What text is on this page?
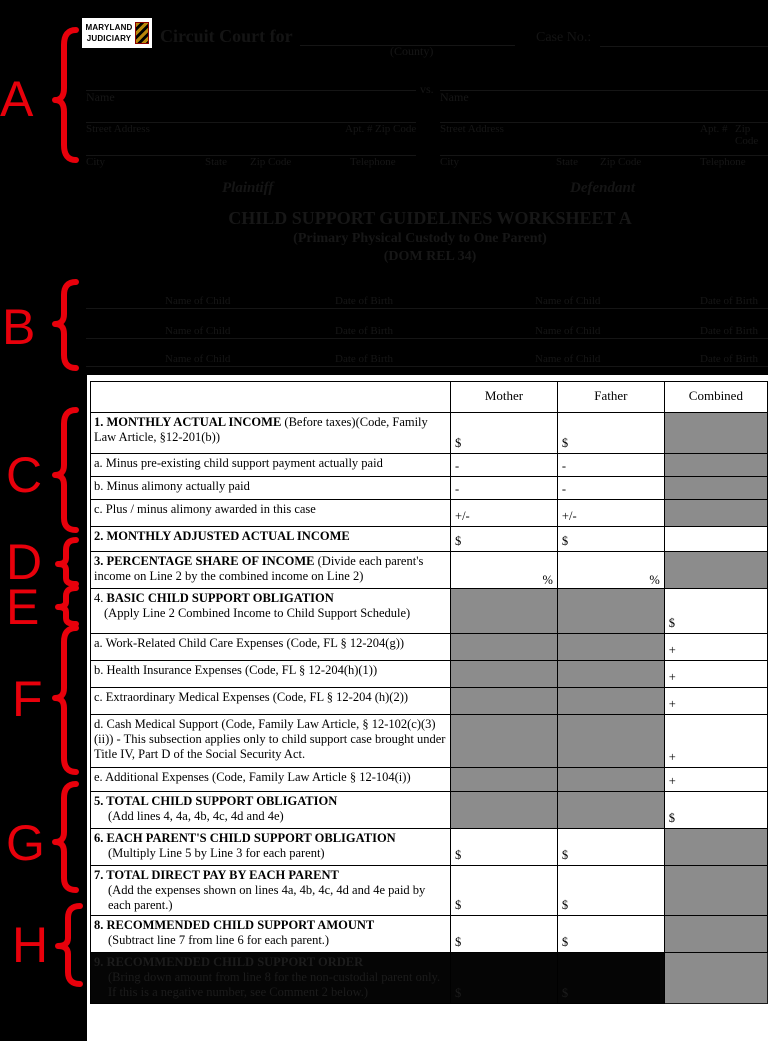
MARYLAND
JUDICIARY Circuit Court for
(County)
Case No.:
Name
vs.
Name
Street Address	Apt. # Zip Code Street Address	Apt. # Zip Code
City	State Zip Code	Telephone	City	State Zip Code	Telephone
Plaintiff	Defendant
CHILD SUPPORT GUIDELINES WORKSHEET A
(Primary Physical Custody to One Parent)
(DOM REL 34)
Name of Child	Date of Birth	Name of Child	Date of Birth
Name of Child	Date of Birth	Name of Child	Date of Birth
Name of Child	Date of Birth	Name of Child	Date of Birth
	Mother	Father	Combined
1. MONTHLY ACTUAL INCOME (Before taxes)(Code, Family Law Article, §12-201(b))	$	$	

a. Minus pre-existing child support payment actually paid	-	-	

b. Minus alimony actually paid	-	-	

c. Plus / minus alimony awarded in this case	+/-	+/-	

2. MONTHLY ADJUSTED ACTUAL INCOME	$	$	

3. PERCENTAGE SHARE OF INCOME (Divide each parent's income on Line 2 by the combined income on Line 2)	%	%	
4. BASIC CHILD SUPPORT OBLIGATION
(Apply Line 2 Combined Income to Child Support Schedule)			$

a. Work-Related Child Care Expenses (Code, FL § 12-204(g))			+

b. Health Insurance Expenses (Code, FL § 12-204(h)(1))			+

c. Extraordinary Medical Expenses (Code, FL § 12-204 (h)(2))			+

d. Cash Medical Support (Code, Family Law Article, § 12-102(c)(3)(ii)) - This subsection applies only to child support case brought under Title IV, Part D of the Social Security Act.			+

e. Additional Expenses (Code, Family Law Article § 12-104(i))			+

5. TOTAL CHILD SUPPORT OBLIGATION
(Add lines 4, 4a, 4b, 4c, 4d and 4e)			$

6. EACH PARENT'S CHILD SUPPORT OBLIGATION
(Multiply Line 5 by Line 3 for each parent)	$	$	

7. TOTAL DIRECT PAY BY EACH PARENT

(Add the expenses shown on lines 4a, 4b, 4c, 4d and 4e paid by each parent.)	$	$	

8. RECOMMENDED CHILD SUPPORT AMOUNT
(Subtract line 7 from line 6 for each parent.)	$	$	

9. RECOMMENDED CHILD SUPPORT ORDER

(Bring down amount from line 8 for the non-custodial parent only. If this is a negative number, see Comment 2 below.)	$	$	

A
B
C
D
E
F
G
H
